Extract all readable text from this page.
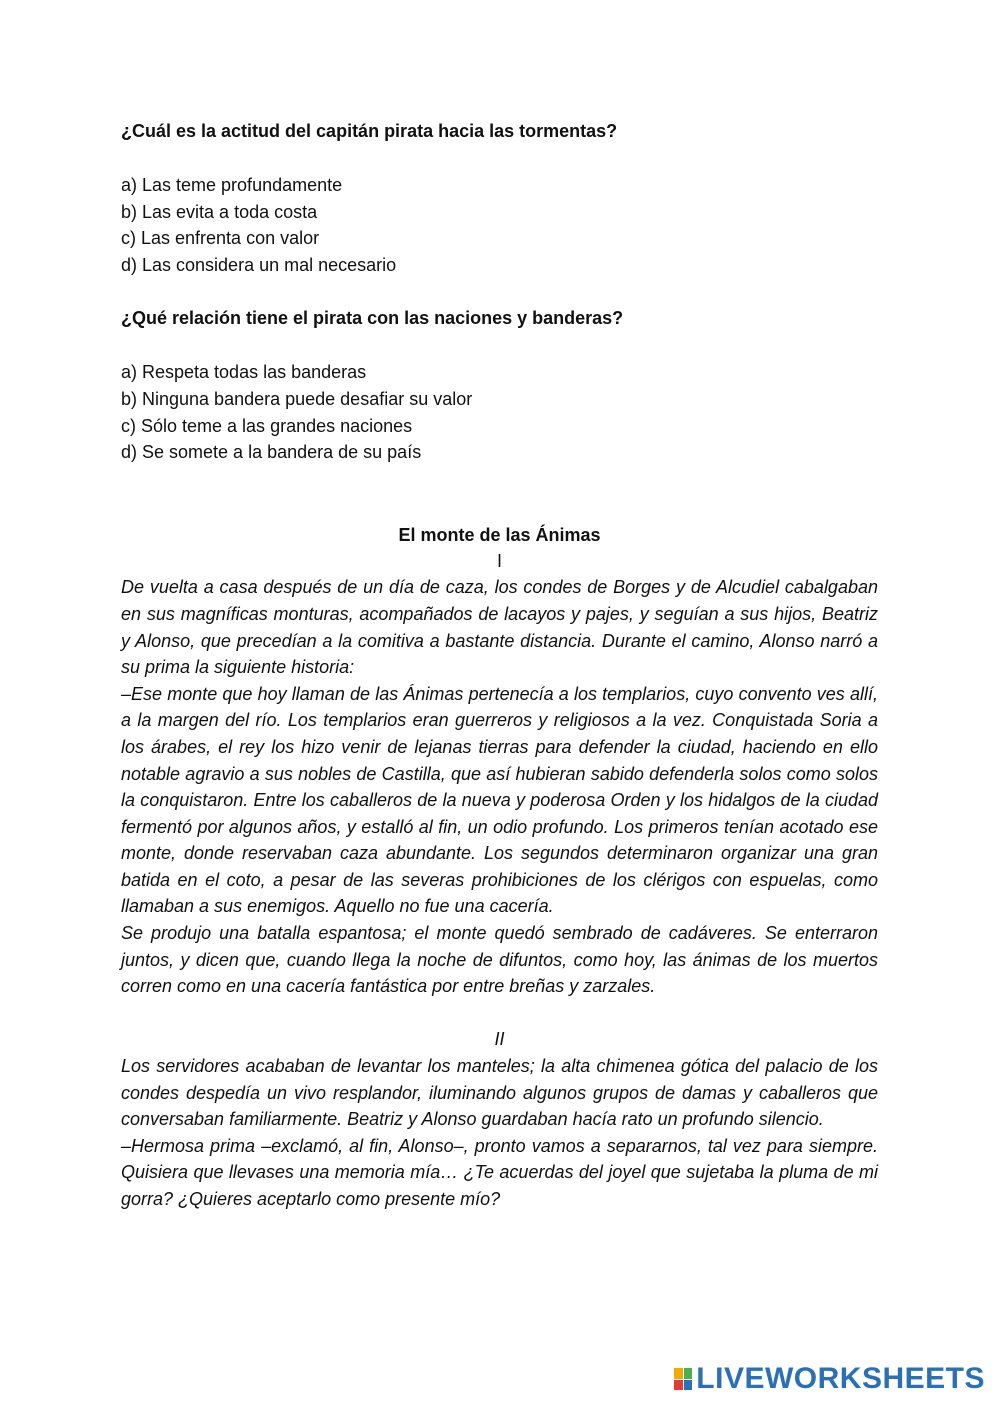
¿Cuál es la actitud del capitán pirata hacia las tormentas?

a) Las teme profundamente
b) Las evita a toda costa
c) Las enfrenta con valor
d) Las considera un mal necesario

¿Qué relación tiene el pirata con las naciones y banderas?

a) Respeta todas las banderas
b) Ninguna bandera puede desafiar su valor
c) Sólo teme a las grandes naciones
d) Se somete a la bandera de su país

El monte de las Ánimas

I

De vuelta a casa después de un día de caza, los condes de Borges y de Alcudiel cabalgaban en sus magníficas monturas, acompañados de lacayos y pajes, y seguían a sus hijos, Beatriz y Alonso, que precedían a la comitiva a bastante distancia. Durante el camino, Alonso narró a su prima la siguiente historia:

–Ese monte que hoy llaman de las Ánimas pertenecía a los templarios, cuyo convento ves allí, a la margen del río. Los templarios eran guerreros y religiosos a la vez. Conquistada Soria a los árabes, el rey los hizo venir de lejanas tierras para defender la ciudad, haciendo en ello notable agravio a sus nobles de Castilla, que así hubieran sabido defenderla solos como solos la conquistaron. Entre los caballeros de la nueva y poderosa Orden y los hidalgos de la ciudad fermentó por algunos años, y estalló al fin, un odio profundo. Los primeros tenían acotado ese monte, donde reservaban caza abundante. Los segundos determinaron organizar una gran batida en el coto, a pesar de las severas prohibiciones de los clérigos con espuelas, como llamaban a sus enemigos. Aquello no fue una cacería.

Se produjo una batalla espantosa; el monte quedó sembrado de cadáveres. Se enterraron juntos, y dicen que, cuando llega la noche de difuntos, como hoy, las ánimas de los muertos corren como en una cacería fantástica por entre breñas y zarzales.

II

Los servidores acababan de levantar los manteles; la alta chimenea gótica del palacio de los condes despedía un vivo resplandor, iluminando algunos grupos de damas y caballeros que conversaban familiarmente. Beatriz y Alonso guardaban hacía rato un profundo silencio.

–Hermosa prima –exclamó, al fin, Alonso–, pronto vamos a separarnos, tal vez para siempre. Quisiera que llevases una memoria mía… ¿Te acuerdas del joyel que sujetaba la pluma de mi gorra? ¿Quieres aceptarlo como presente mío?

LIVEWORKSHEETS
